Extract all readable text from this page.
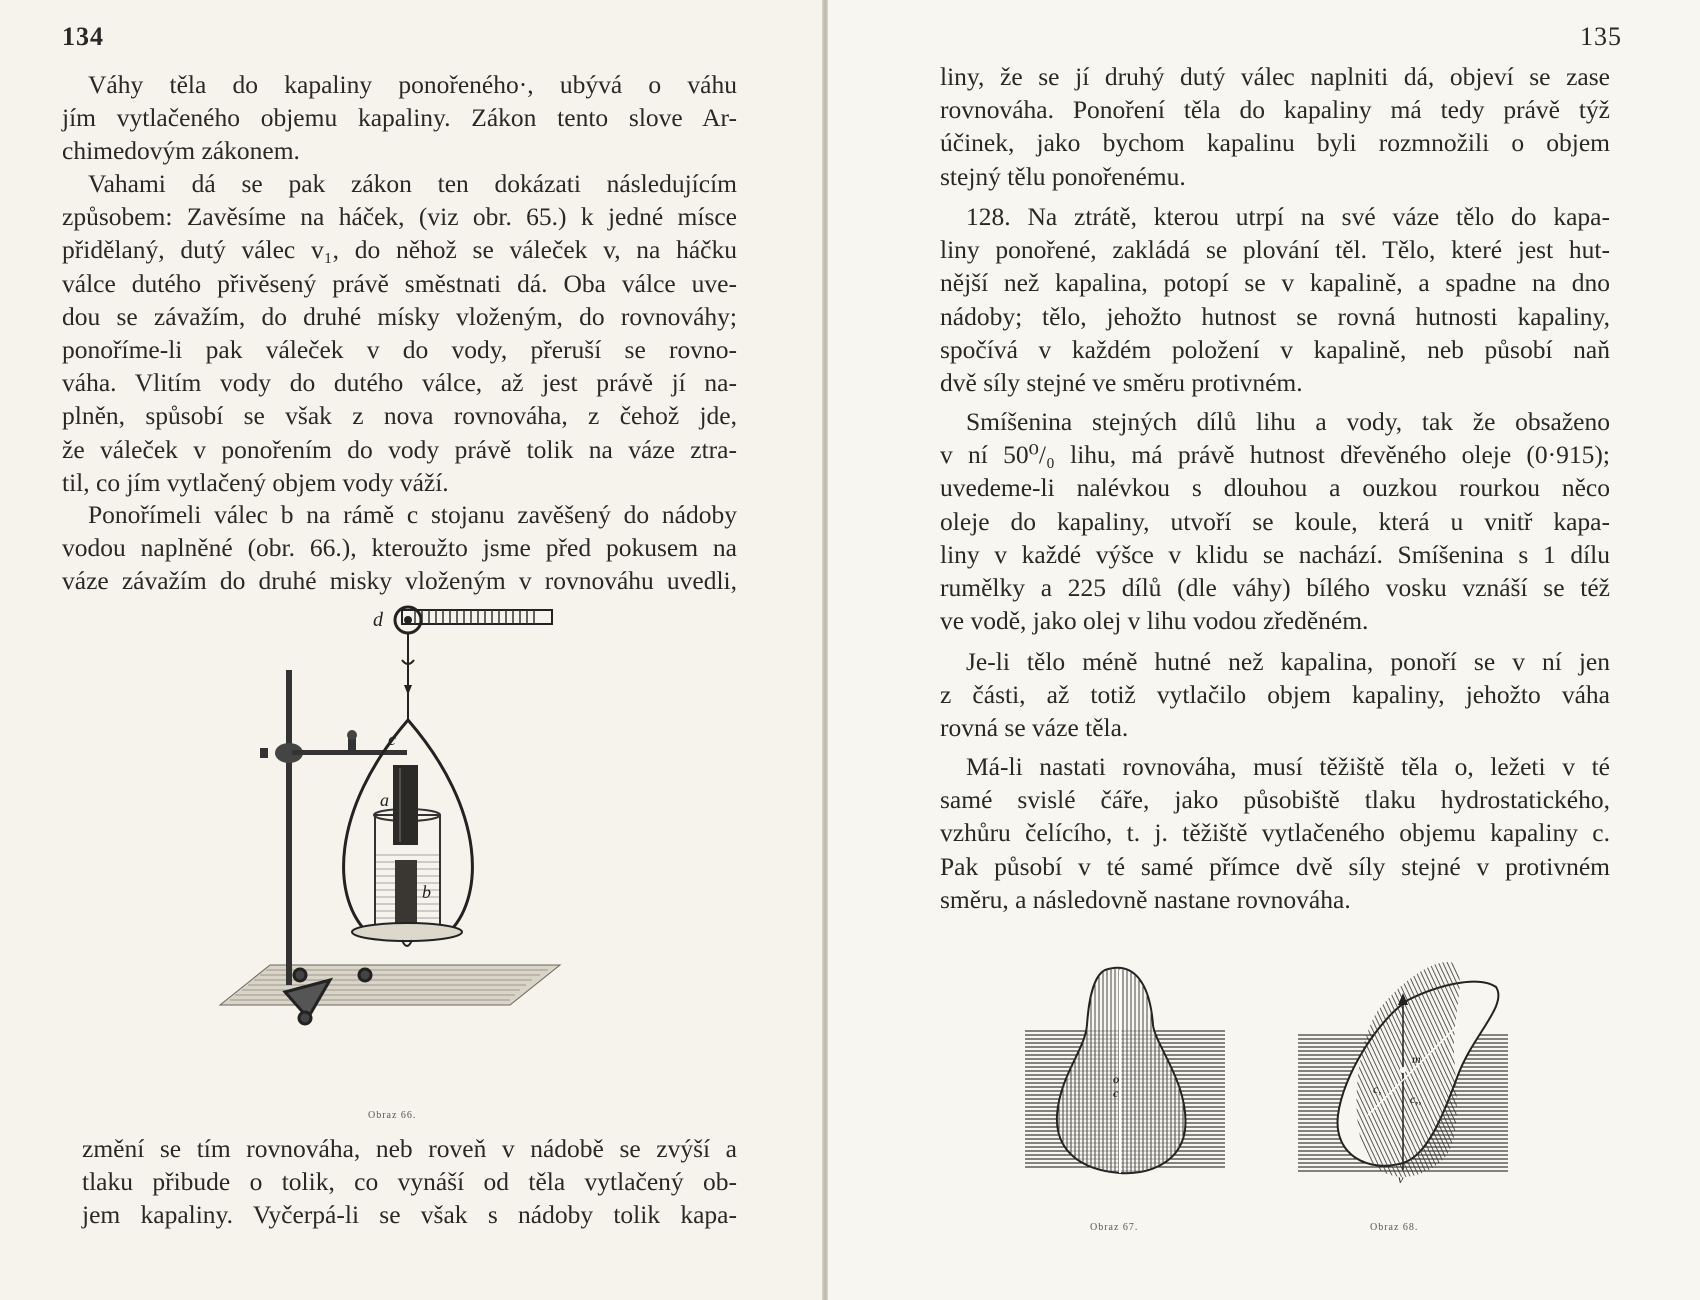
134
Váhy těla do kapaliny ponořeného·, ubývá o váhu
jím vytlačeného objemu kapaliny. Zákon tento slove Ar-
chimedovým zákonem.
Vahami dá se pak zákon ten dokázati následujícím
způsobem: Zavěsíme na háček, (viz obr. 65.) k jedné mísce
přidělaný, dutý válec v₁, do něhož se váleček v, na háčku
válce dutého přivěsený právě směstnati dá. Oba válce uve-
dou se závažím, do druhé mísky vloženým, do rovnováhy;
ponoříme-li pak váleček v do vody, přeruší se rovno-
váha. Vlitím vody do dutého válce, až jest právě jí na-
plněn, spůsobí se však z nova rovnováha, z čehož jde,
že váleček v ponořením do vody právě tolik na váze ztra-
til, co jím vytlačený objem vody váží.
Ponořímeli válec b na rámě c stojanu zavěšený do nádoby
vodou naplněné (obr. 66.), kteroužto jsme před pokusem na
váze závažím do druhé misky vloženým v rovnováhu uvedli,
d
c
a
b
Obraz 66.
změní se tím rovnováha, neb roveň v nádobě se zvýší a
tlaku přibude o tolik, co vynáší od těla vytlačený ob-
jem kapaliny. Vyčerpá-li se však s nádoby tolik kapa-
135
liny, že se jí druhý dutý válec naplniti dá, objeví se zase
rovnováha. Ponoření těla do kapaliny má tedy právě týž
účinek, jako bychom kapalinu byli rozmnožili o objem
stejný tělu ponořenému.
128. Na ztrátě, kterou utrpí na své váze tělo do kapa-
liny ponořené, zakládá se plování těl. Tělo, které jest hut-
nější než kapalina, potopí se v kapalině, a spadne na dno
nádoby; tělo, jehožto hutnost se rovná hutnosti kapaliny,
spočívá v každém položení v kapalině, neb působí naň
dvě síly stejné ve směru protivném.
Smíšenina stejných dílů lihu a vody, tak že obsaženo
v ní 50⁰/₀ lihu, má právě hutnost dřevěného oleje (0·915);
uvedeme-li nalévkou s dlouhou a ouzkou rourkou něco
oleje do kapaliny, utvoří se koule, která u vnitř kapa-
liny v každé výšce v klidu se nachází. Smíšenina s 1 dílu
rumělky a 225 dílů (dle váhy) bílého vosku vznáší se též
ve vodě, jako olej v lihu vodou zředěném.
Je-li tělo méně hutné než kapalina, ponoří se v ní jen
z části, až totiž vytlačilo objem kapaliny, jehožto váha
rovná se váze těla.
Má-li nastati rovnováha, musí těžiště těla o, ležeti v té
samé svislé čáře, jako působiště tlaku hydrostatického,
vzhůru čelícího, t. j. těžiště vytlačeného objemu kapaliny c.
Pak působí v té samé přímce dvě síly stejné v protivném
směru, a následovně nastane rovnováha.
o
c
Obraz 67.
m
c,
c,,
v
Obraz 68.
